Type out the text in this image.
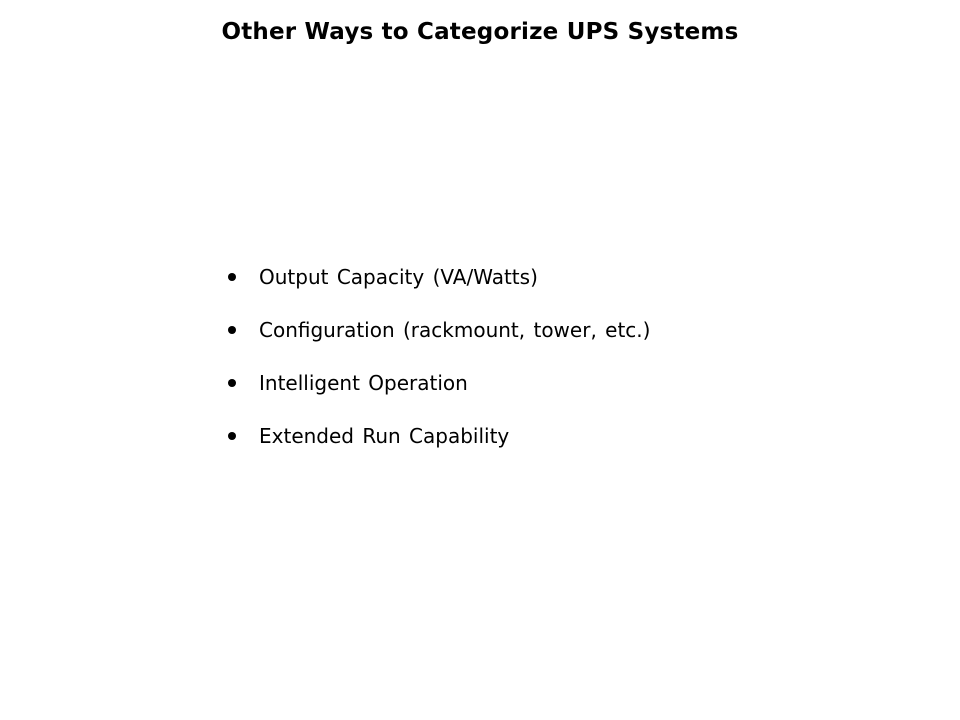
Other Ways to Categorize UPS Systems
Output Capacity (VA/Watts)
Configuration (rackmount, tower, etc.)
Intelligent Operation
Extended Run Capability
